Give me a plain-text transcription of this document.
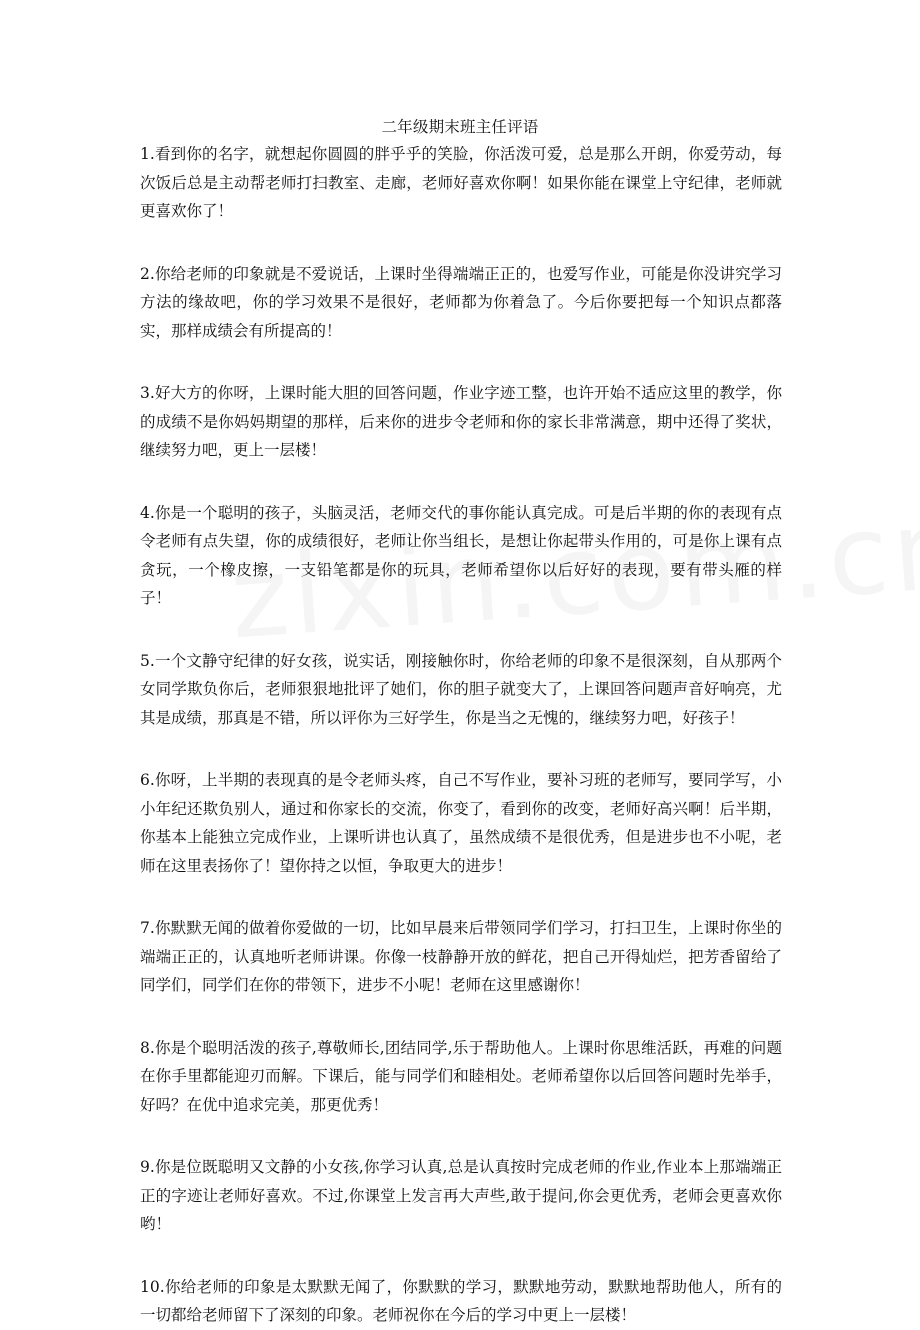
二年级期末班主任评语

1.看到你的名字，就想起你圆圆的胖乎乎的笑脸，你活泼可爱，总是那么开朗，你爱劳动，每次饭后总是主动帮老师打扫教室、走廊，老师好喜欢你啊！如果你能在课堂上守纪律，老师就更喜欢你了！

2.你给老师的印象就是不爱说话，上课时坐得端端正正的，也爱写作业，可能是你没讲究学习方法的缘故吧，你的学习效果不是很好，老师都为你着急了。今后你要把每一个知识点都落实，那样成绩会有所提高的！

3.好大方的你呀，上课时能大胆的回答问题，作业字迹工整，也许开始不适应这里的教学，你的成绩不是你妈妈期望的那样，后来你的进步令老师和你的家长非常满意，期中还得了奖状，继续努力吧，更上一层楼！

4.你是一个聪明的孩子，头脑灵活，老师交代的事你能认真完成。可是后半期的你的表现有点令老师有点失望，你的成绩很好，老师让你当组长，是想让你起带头作用的，可是你上课有点贪玩，一个橡皮擦，一支铅笔都是你的玩具，老师希望你以后好好的表现，要有带头雁的样子！

5.一个文静守纪律的好女孩，说实话，刚接触你时，你给老师的印象不是很深刻，自从那两个女同学欺负你后，老师狠狠地批评了她们，你的胆子就变大了，上课回答问题声音好响亮，尤其是成绩，那真是不错，所以评你为三好学生，你是当之无愧的，继续努力吧，好孩子！

6.你呀，上半期的表现真的是令老师头疼，自己不写作业，要补习班的老师写，要同学写，小小年纪还欺负别人，通过和你家长的交流，你变了，看到你的改变，老师好高兴啊！后半期，你基本上能独立完成作业，上课听讲也认真了，虽然成绩不是很优秀，但是进步也不小呢，老师在这里表扬你了！望你持之以恒，争取更大的进步！

7.你默默无闻的做着你爱做的一切，比如早晨来后带领同学们学习，打扫卫生，上课时你坐的端端正正的，认真地听老师讲课。你像一枝静静开放的鲜花，把自己开得灿烂，把芳香留给了同学们，同学们在你的带领下，进步不小呢！老师在这里感谢你！

8.你是个聪明活泼的孩子,尊敬师长,团结同学,乐于帮助他人。上课时你思维活跃，再难的问题在你手里都能迎刃而解。下课后，能与同学们和睦相处。老师希望你以后回答问题时先举手，好吗？在优中追求完美，那更优秀！

9.你是位既聪明又文静的小女孩,你学习认真,总是认真按时完成老师的作业,作业本上那端端正正的字迹让老师好喜欢。不过,你课堂上发言再大声些,敢于提问,你会更优秀，老师会更喜欢你哟！

10.你给老师的印象是太默默无闻了，你默默的学习，默默地劳动，默默地帮助他人，所有的一切都给老师留下了深刻的印象。老师祝你在今后的学习中更上一层楼！
